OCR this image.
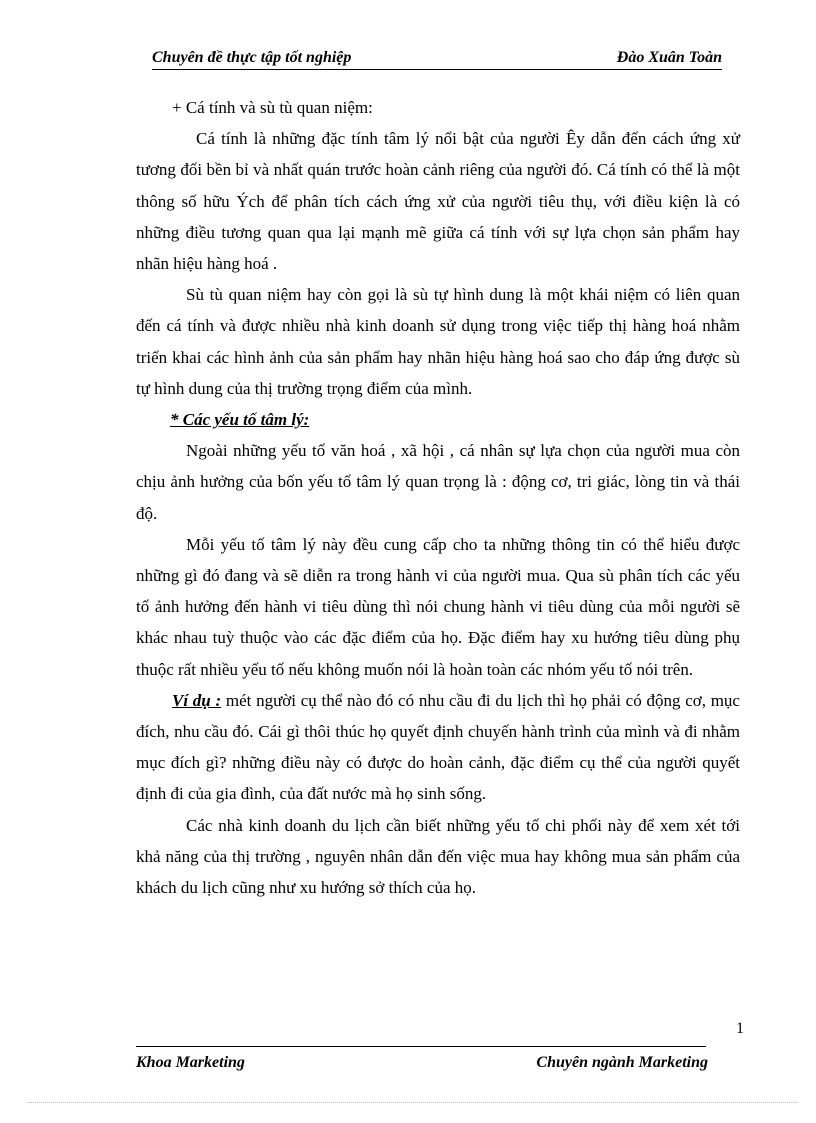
Chuyên đề thực tập tốt nghiệp	Đào Xuân Toàn

+ Cá tính và sù tù quan niệm:

Cá tính là những đặc tính tâm lý nổi bật của người Êy dẫn đến cách ứng xử tương đối bền bỉ và nhất quán trước hoàn cảnh riêng của người đó. Cá tính có thể là một thông số hữu Ých để phân tích cách ứng xử của người tiêu thụ, với điều kiện là có những điều tương quan qua lại mạnh mẽ giữa cá tính với sự lựa chọn sản phẩm hay nhãn hiệu hàng hoá .

Sù tù quan niệm hay còn gọi là sù tự hình dung là một khái niệm có liên quan đến cá tính và được nhiều nhà kinh doanh sử dụng trong việc tiếp thị hàng hoá nhằm triển khai các hình ảnh của sản phẩm hay nhãn hiệu hàng hoá sao cho đáp ứng được sù tự hình dung của thị trường trọng điểm của mình.

* Các yếu tố tâm lý:

Ngoài những yếu tố văn hoá , xã hội , cá nhân sự lựa chọn của người mua còn chịu ảnh hưởng của bốn yếu tố tâm lý quan trọng là : động cơ, tri giác, lòng tin và thái độ.

Mỗi yếu tố tâm lý này đều cung cấp cho ta những thông tin có thể hiểu được những gì đó đang và sẽ diễn ra trong hành vi của người mua. Qua sù phân tích các yếu tố ảnh hưởng đến hành vi tiêu dùng thì nói chung hành vi tiêu dùng của mỗi người sẽ khác nhau tuỳ thuộc vào các đặc điểm của họ. Đặc điểm hay xu hướng tiêu dùng phụ thuộc rất nhiều yếu tố nếu không muốn nói là hoàn toàn các nhóm yếu tố nói trên.

Ví dụ : mét người cụ thể nào đó có nhu cầu đi du lịch thì họ phải có động cơ, mục đích, nhu cầu đó. Cái gì thôi thúc họ quyết định chuyến hành trình của mình và đi nhằm mục đích gì? những điều này có được do hoàn cảnh, đặc điểm cụ thể của người quyết định đi của gia đình, của đất nước mà họ sinh sống.

Các nhà kinh doanh du lịch cần biết những yếu tố chi phối này để xem xét tới khả năng của thị trường , nguyên nhân dẫn đến việc mua hay không mua sản phẩm của khách du lịch cũng như xu hướng sở thích của họ.

1
Khoa Marketing	Chuyên ngành Marketing
